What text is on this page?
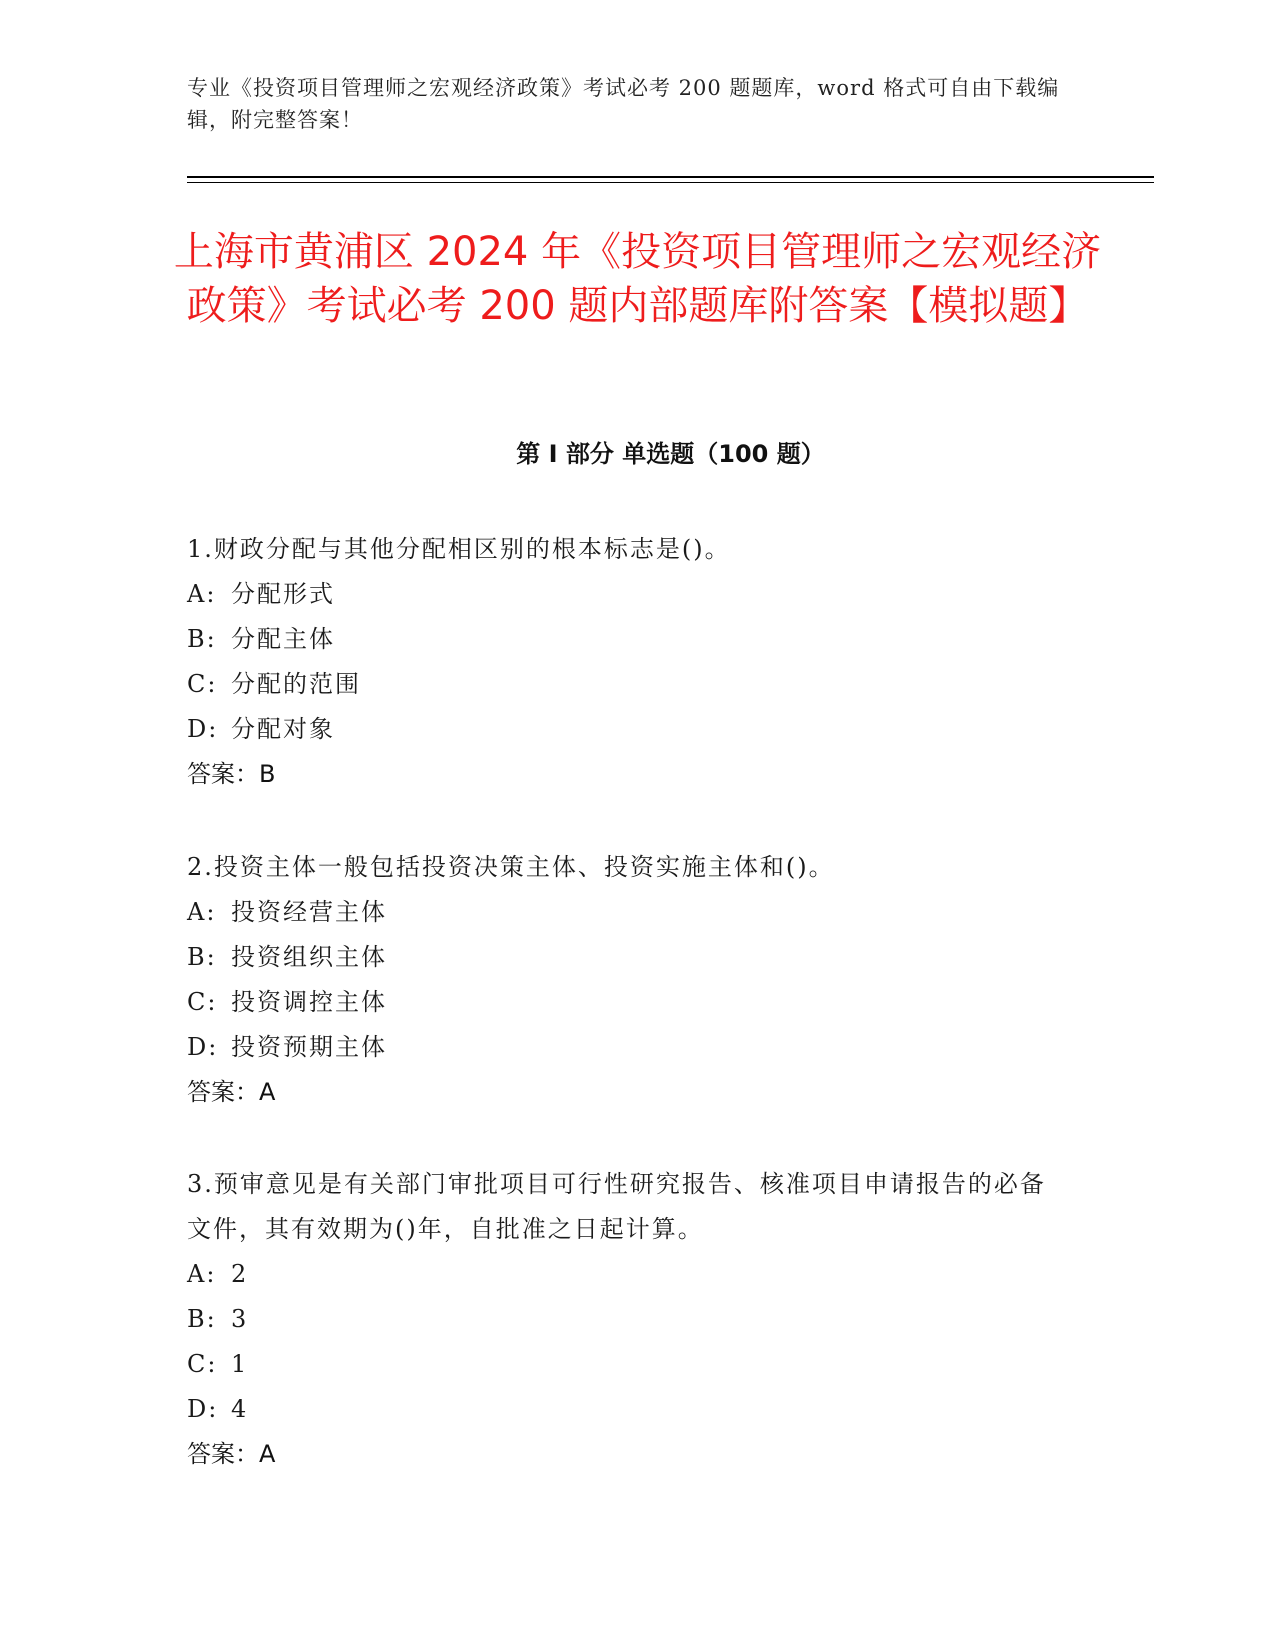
专业《投资项目管理师之宏观经济政策》考试必考 200 题题库，word 格式可自由下载编辑，附完整答案！
上海市黄浦区 2024 年《投资项目管理师之宏观经济政策》考试必考 200 题内部题库附答案【模拟题】
第 I 部分 单选题（100 题）

1.财政分配与其他分配相区别的根本标志是()。

A: 分配形式

B: 分配主体

C: 分配的范围

D: 分配对象

答案：B

2.投资主体一般包括投资决策主体、投资实施主体和()。

A: 投资经营主体

B: 投资组织主体

C: 投资调控主体

D: 投资预期主体

答案：A

3.预审意见是有关部门审批项目可行性研究报告、核准项目申请报告的必备文件，其有效期为()年，自批准之日起计算。

A: 2

B: 3

C: 1

D: 4

答案：A
